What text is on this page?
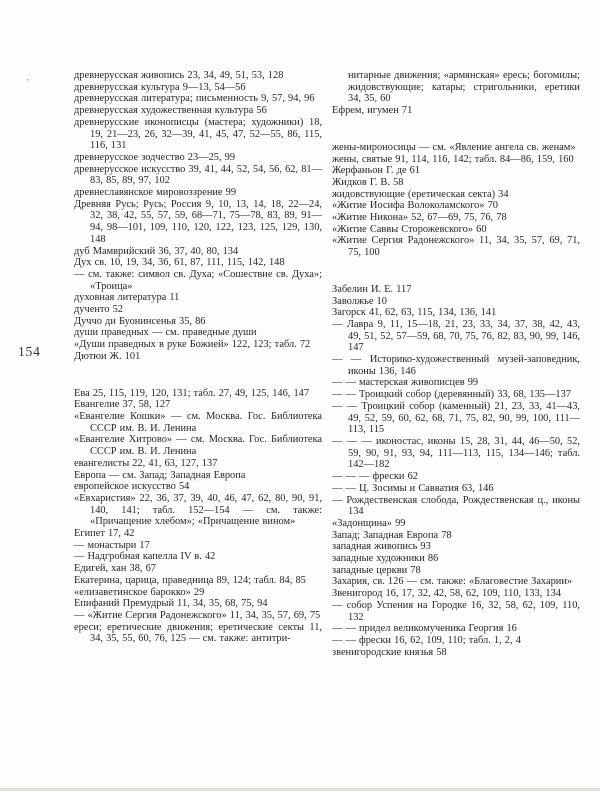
ʼ
154
древнерусская живопись 23, 34, 49, 51, 53, 128
древнерусская культура 9—13, 54—56
древнерусская литература; письменность 9, 57, 94, 96
древнерусская художественная культура 56
древнерусские иконописцы (мастера; художники) 18, 19, 21—23, 26, 32—39, 41, 45, 47, 52—55, 86, 115, 116, 131
древнерусское зодчество 23—25, 99
древнерусское искусство 39, 41, 44, 52, 54, 56, 62, 81—83, 85, 89, 97, 102
древнеславянское мировоззрение 99
Древняя Русь; Русь; Россия 9, 10, 13, 14, 18, 22—24, 32, 38, 42, 55, 57, 59, 68—71, 75—78, 83, 89, 91—94, 98—101, 109, 110, 120, 122, 123, 125, 129, 130, 148
дуб Мамврийский 36, 37, 40, 80, 134
Дух св. 10, 19, 34, 36, 61, 87, 111, 115, 142, 148
— см. также: символ св. Духа; «Сошествие св. Духа»; «Троица»
духовная литература 11
дученто 52
Дуччо ди Буонинсенья 35, 86
души праведных — см. праведные души
«Души праведных в руке Божией» 122, 123; табл. 72
Дютюи Ж. 101
Ева 25, 115, 119, 120, 131; табл. 27, 49, 125, 146, 147
Евангелие 37, 58, 127
«Евангелие Кошки» — см. Москва. Гос. Библиотека СССР им. В. И. Ленина
«Евангелие Хитрово» — см. Москва. Гос. Библиотека СССР им. В. И. Ленина
евангелисты 22, 41, 63, 127, 137
Европа — см. Запад; Западная Европа
европейское искусство 54
«Евхаристия» 22, 36, 37, 39, 40, 46, 47, 62, 80, 90, 91, 140, 141; табл. 152—154 — см. также: «Причащение хлебом»; «Причащение вином»
Египет 17, 42
— монастыри 17
— Надгробная капелла IV в. 42
Едигей, хан 38, 67
Екатерина, царица, праведница 89, 124; табл. 84, 85
«елизаветинское барокко» 29
Епифаний Премудрый 11, 34, 35, 68, 75, 94
— «Житие Сергия Радонежского» 11, 34, 35, 57, 69, 75
ереси; еретические движения; еретические секты 11, 34, 35, 55, 60, 76, 125 — см. также: антитри-
нитарные движения; «армянская» ересь; богомилы; жидовствующие; катары; стригольники, еретики 34, 35, 60
Ефрем, игумен 71
жены-мироносицы — см. «Явление ангела св. женам»
жены, святые 91, 114, 116, 142; табл. 84—86, 159, 160
Жерфаньон Г. де 61
Жидков Г. В. 58
жидовствующие (еретическая секта) 34
«Житие Иосифа Волоколамского» 70
«Житие Никона» 52, 67—69, 75, 76, 78
«Житие Саввы Сторожевского» 60
«Житие Сергия Радонежского» 11, 34, 35, 57, 69, 71, 75, 100
Забелин И. Е. 117
Заволжье 10
Загорск 41, 62, 63, 115, 134, 136, 141
— Лавра 9, 11, 15—18, 21, 23, 33, 34, 37, 38, 42, 43, 49, 51, 52, 57—59, 68, 70, 75, 76, 82, 83, 90, 99, 146, 147
— — Историко-художественный музей-заповедник, иконы 136, 146
— — мастерская живописцев 99
— — Троицкий собор (деревянный) 33, 68, 135—137
— — Троицкий собор (каменный) 21, 23, 33, 41—43, 49, 52, 59, 60, 62, 68, 71, 75, 82, 90, 99, 100, 111—113, 115
— — — иконостас, иконы 15, 28, 31, 44, 46—50, 52, 59, 90, 91, 93, 94, 111—113, 115, 134—146; табл. 142—182
— — — фрески 62
— — Ц. Зосимы и Савватия 63, 146
— Рождественская слобода, Рождественская ц., иконы 134
«Задонщина» 99
Запад; Западная Европа 78
западная живопись 93
западные художники 86
западные церкви 78
Захария, св. 126 — см. также: «Благовестие Захарии»
Звенигород 16, 17, 32, 42, 58, 62, 109, 110, 133, 134
— собор Успения на Городке 16, 32, 58, 62, 109, 110, 132
— — придел великомученика Георгия 16
— — фрески 16, 62, 109, 110; табл. 1, 2, 4
звенигородские князья 58
